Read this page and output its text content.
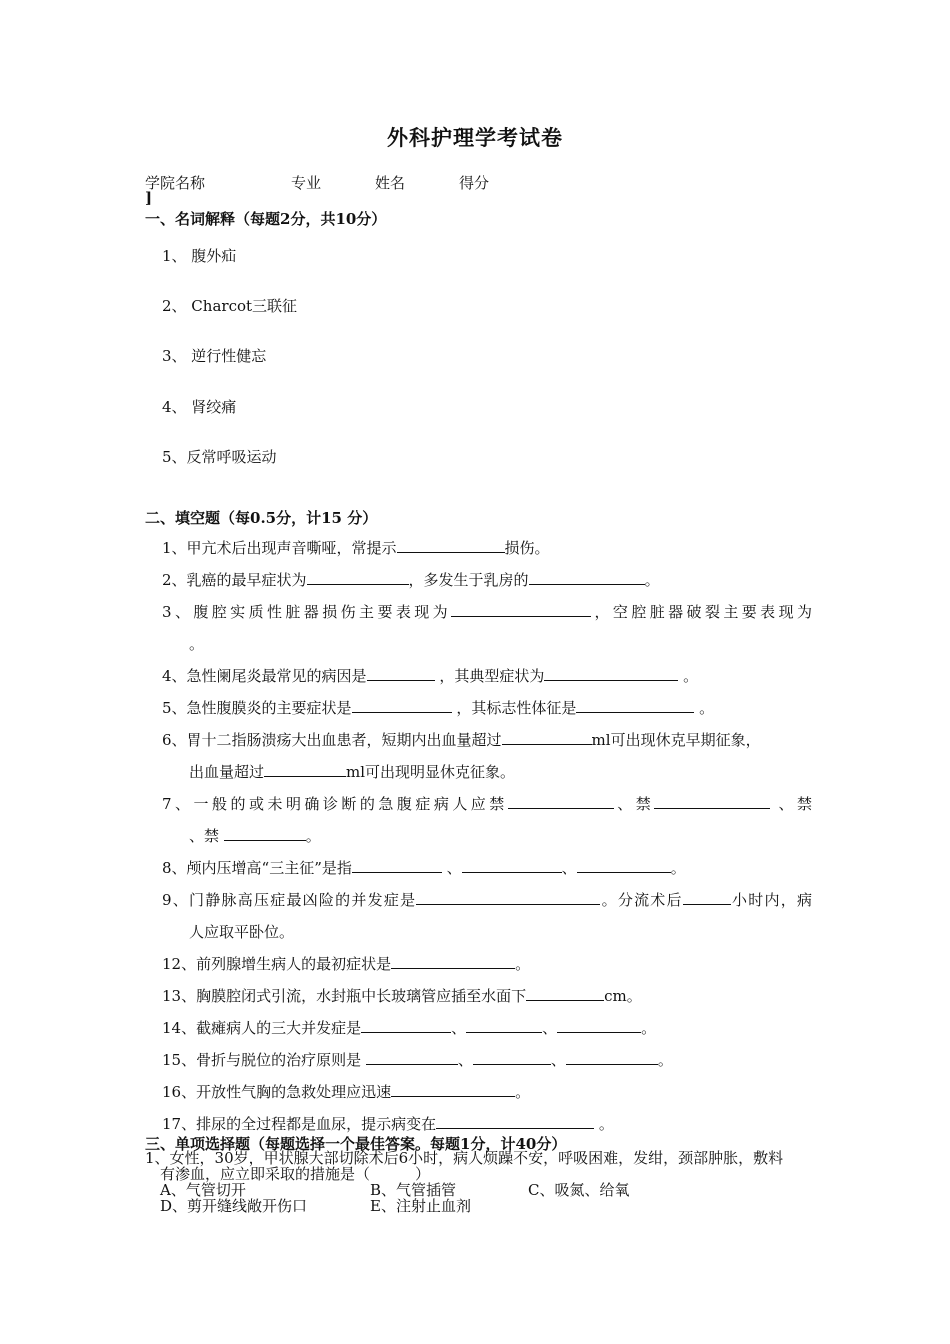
外科护理学考试卷
学院名称	专业	姓名	得分
]
一、名词解释（每题2分，共10分）
1、 腹外疝
2、 Charcot三联征
3、 逆行性健忘
4、 肾绞痛
5、反常呼吸运动
二、填空题（每0.5分，计15 分）
1、甲亢术后出现声音嘶哑，常提示	损伤。
2、乳癌的最早症状为	，多发生于乳房的	。
3、腹腔实质性脏器损伤主要表现为	，空腔脏器破裂主要表现为
。
4、急性阑尾炎最常见的病因是	，其典型症状为	。
5、急性腹膜炎的主要症状是	，其标志性体征是	。
6、胃十二指肠溃疡大出血患者，短期内出血量超过	ml可出现休克早期征象，
出血量超过	ml可出现明显休克征象。
7、一般的或未明确诊断的急腹症病人应禁	、禁	、禁
、禁	。
8、颅内压增高“三主征”是指	、	、	。
9、门静脉高压症最凶险的并发症是	。分流术后	小时内，病
人应取平卧位。
12、前列腺增生病人的最初症状是	。
13、胸膜腔闭式引流，水封瓶中长玻璃管应插至水面下	cm。
14、截瘫病人的三大并发症是	、	、	。
15、骨折与脱位的治疗原则是	、	、	。
16、开放性气胸的急救处理应迅速	。
17、排尿的全过程都是血尿，提示病变在	。
三、单项选择题（每题选择一个最佳答案。每题1分，计40分）
1、女性，30岁，甲状腺大部切除术后6小时，病人烦躁不安，呼吸困难，发绀，颈部肿胀，敷料
有渗血，应立即采取的措施是（　　　）
A、气管切开	B、气管插管	C、吸氮、给氧
D、剪开缝线敞开伤口	E、注射止血剂
